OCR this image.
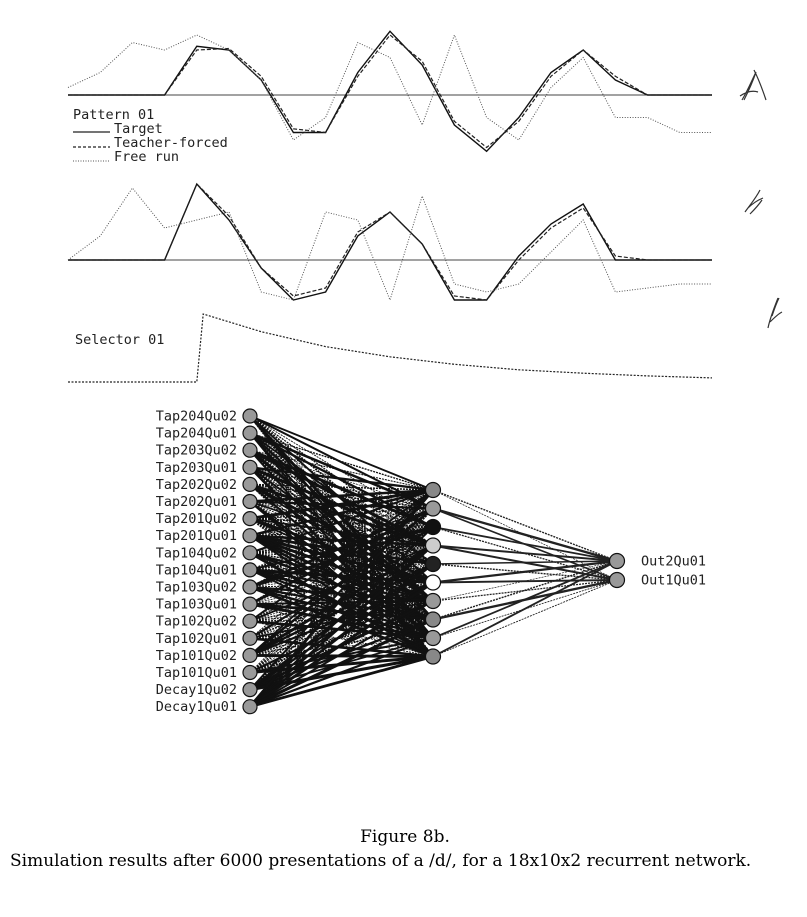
Pattern 01
Target
Teacher-forced
Free run
Selector 01
Tap204Qu02
Tap204Qu01
Tap203Qu02
Tap203Qu01
Tap202Qu02
Tap202Qu01
Tap201Qu02
Tap201Qu01
Tap104Qu02
Tap104Qu01
Tap103Qu02
Tap103Qu01
Tap102Qu02
Tap102Qu01
Tap101Qu02
Tap101Qu01
Decay1Qu02
Decay1Qu01
Out2Qu01
Out1Qu01
Figure 8b.
Simulation results after 6000 presentations of a /d/, for a 18x10x2 recurrent network.
